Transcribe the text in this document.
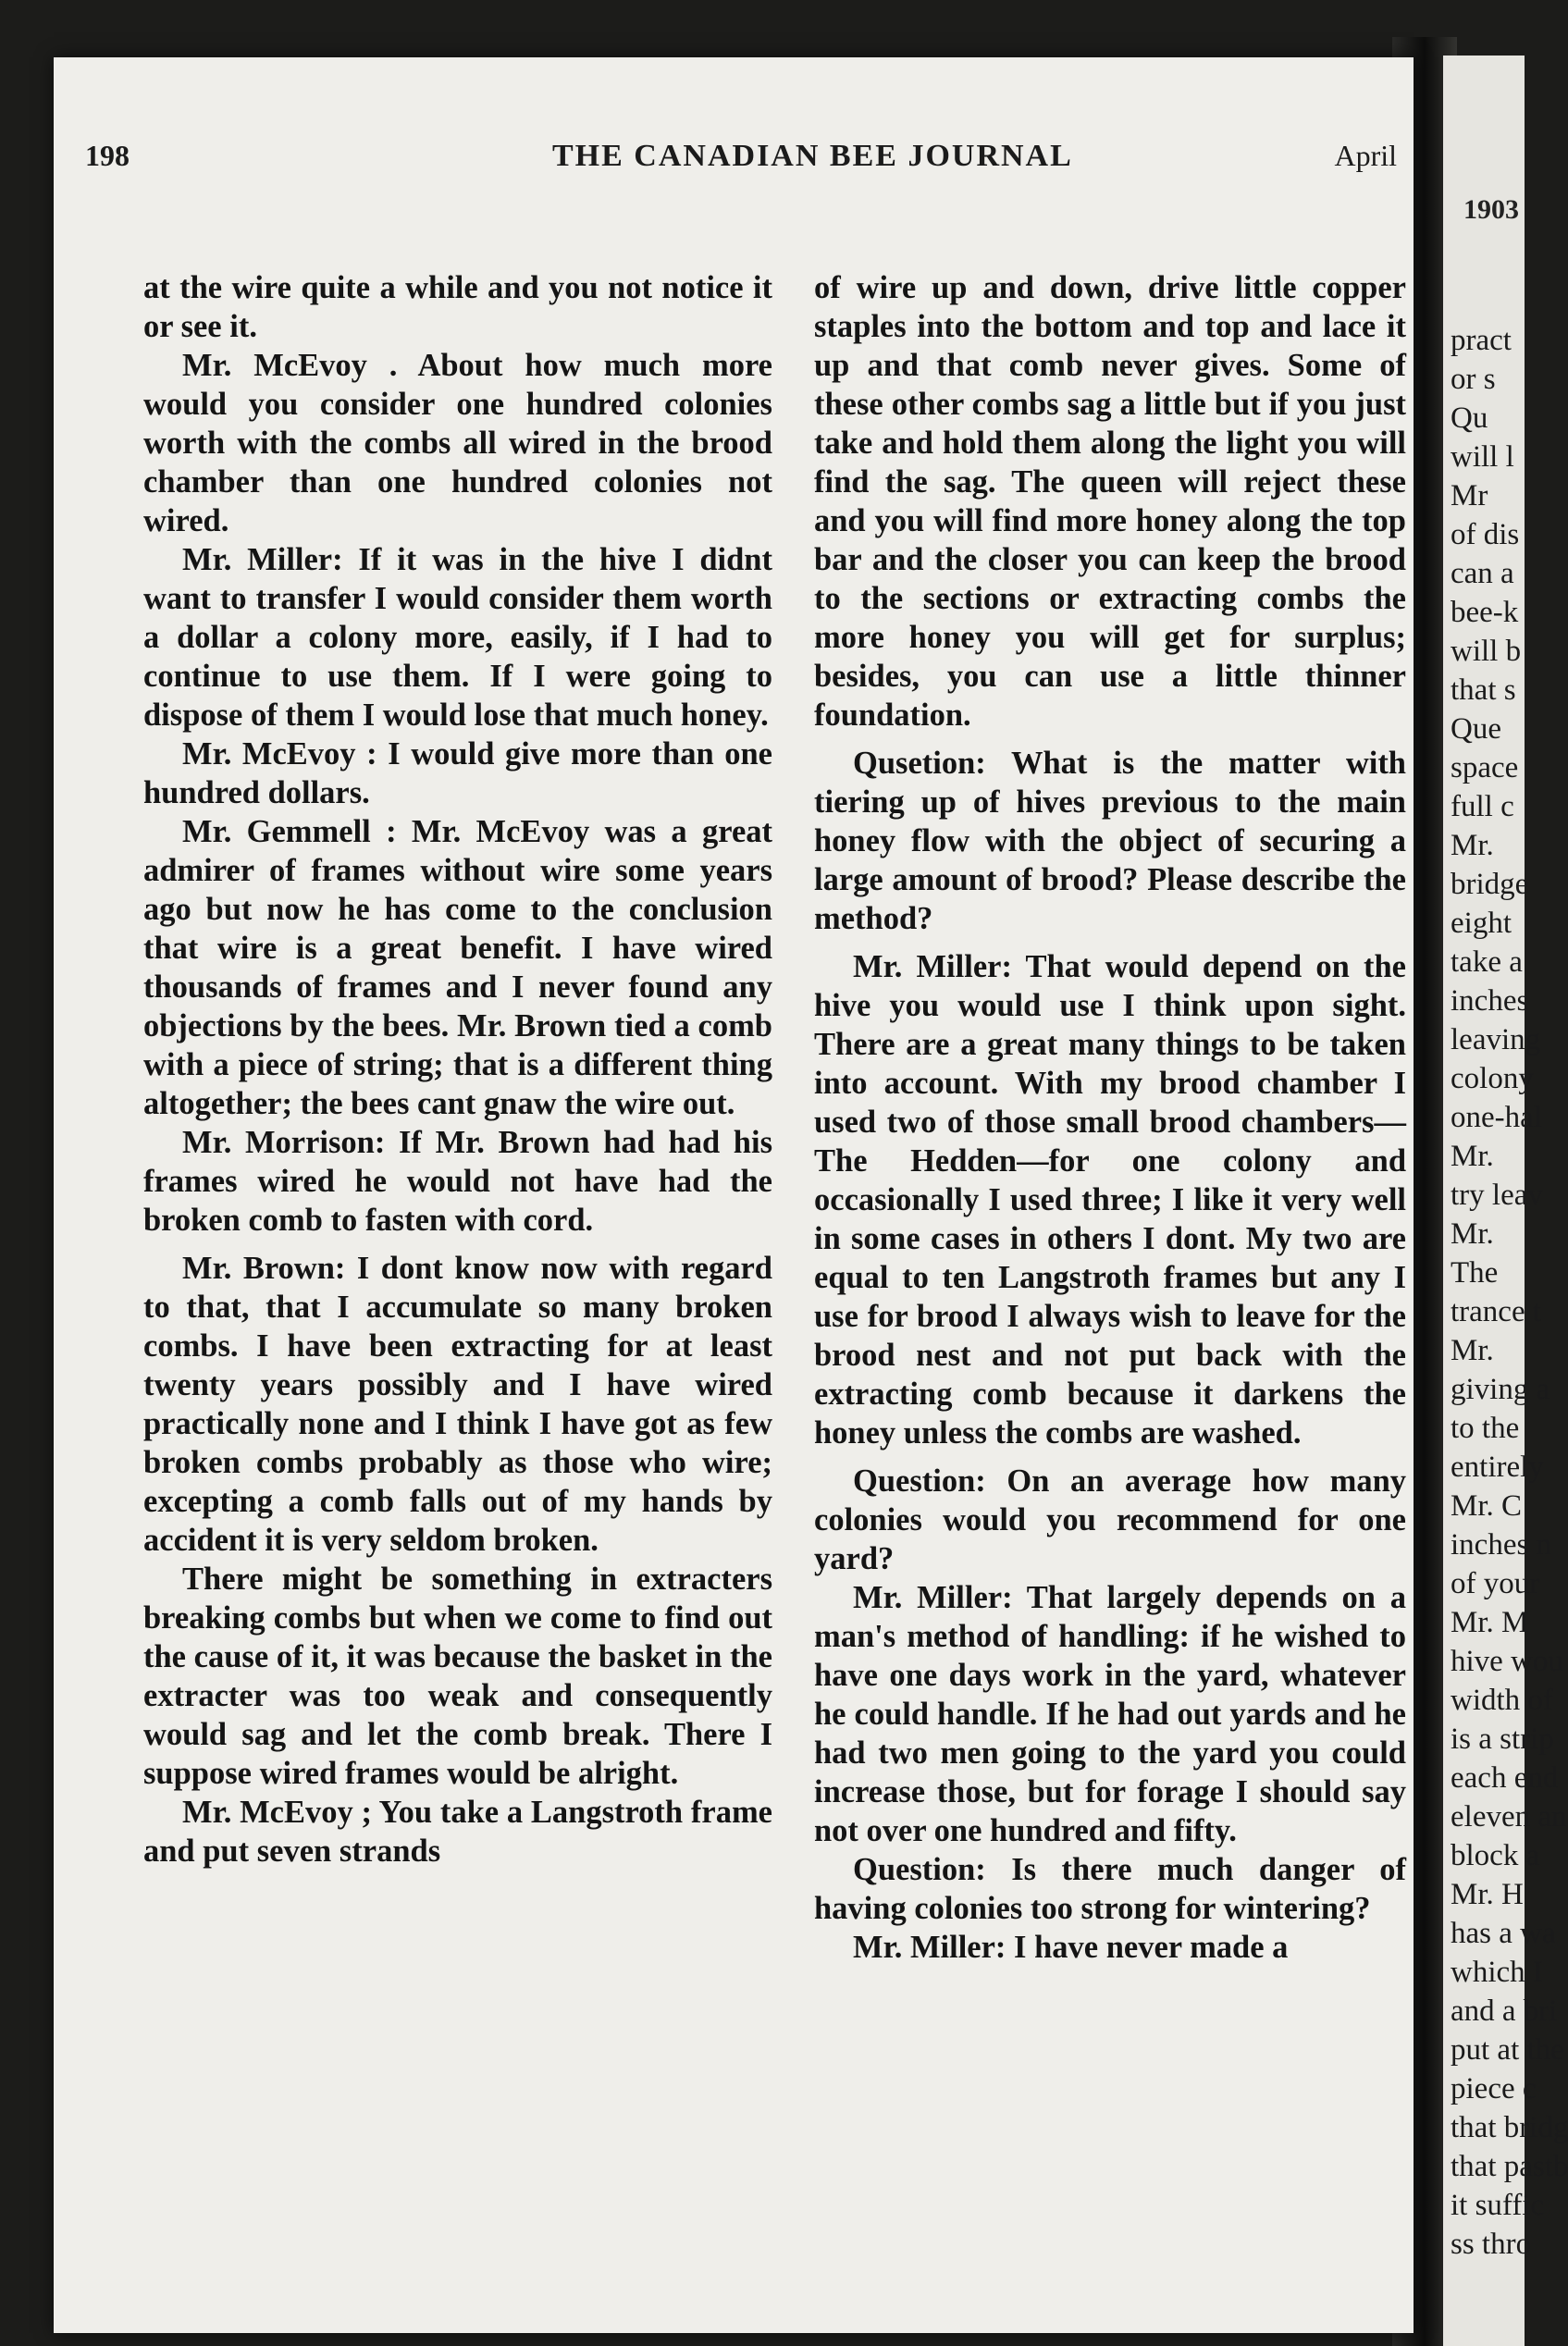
1903
pract
or s
Qu
will l
Mr
of dis
can a
bee-k
will b
that s
Que
space
full c
Mr.
bridge
eight
take a
inches
leaving
colony
one-hal
Mr.
try leav
Mr.
The
trance t
Mr.
giving a
to the
entirely
Mr. C
inches n
of your
Mr. M
hive wou
width of
is a strip
each end
eleven an
block a
Mr. H
has a wa
which I
and a bri
put at the
piece c
that bridg
that pastb
it suffic
ss thro
198	THE CANADIAN BEE JOURNAL	April

at the wire quite a while and you not notice it or see it.

Mr. McEvoy . About how much more would you consider one hundred colonies worth with the combs all wired in the brood chamber than one hundred colonies not wired.

Mr. Miller: If it was in the hive I didnt want to transfer I would consider them worth a dollar a colony more, easily, if I had to continue to use them. If I were going to dispose of them I would lose that much honey.

Mr. McEvoy : I would give more than one hundred dollars.

Mr. Gemmell : Mr. McEvoy was a great admirer of frames without wire some years ago but now he has come to the conclusion that wire is a great benefit. I have wired thousands of frames and I never found any objections by the bees. Mr. Brown tied a comb with a piece of string; that is a different thing altogether; the bees cant gnaw the wire out.

Mr. Morrison: If Mr. Brown had had his frames wired he would not have had the broken comb to fasten with cord.

Mr. Brown: I dont know now with regard to that, that I accumulate so many broken combs. I have been extracting for at least twenty years possibly and I have wired practically none and I think I have got as few broken combs probably as those who wire; excepting a comb falls out of my hands by accident it is very seldom broken.

There might be something in extracters breaking combs but when we come to find out the cause of it, it was because the basket in the extracter was too weak and consequently would sag and let the comb break. There I suppose wired frames would be alright.

Mr. McEvoy ; You take a Langstroth frame and put seven strands

of wire up and down, drive little copper staples into the bottom and top and lace it up and that comb never gives. Some of these other combs sag a little but if you just take and hold them along the light you will find the sag. The queen will reject these and you will find more honey along the top bar and the closer you can keep the brood to the sections or extracting combs the more honey you will get for surplus; besides, you can use a little thinner foundation.

Qusetion: What is the matter with tiering up of hives previous to the main honey flow with the object of securing a large amount of brood? Please describe the method?

Mr. Miller: That would depend on the hive you would use I think upon sight. There are a great many things to be taken into account. With my brood chamber I used two of those small brood chambers—The Hedden—for one colony and occasionally I used three; I like it very well in some cases in others I dont. My two are equal to ten Langstroth frames but any I use for brood I always wish to leave for the brood nest and not put back with the extracting comb because it darkens the honey unless the combs are washed.

Question: On an average how many colonies would you recommend for one yard?

Mr. Miller: That largely depends on a man's method of handling: if he wished to have one days work in the yard, whatever he could handle. If he had out yards and he had two men going to the yard you could increase those, but for forage I should say not over one hundred and fifty.

Question: Is there much danger of having colonies too strong for wintering?

Mr. Miller: I have never made a
